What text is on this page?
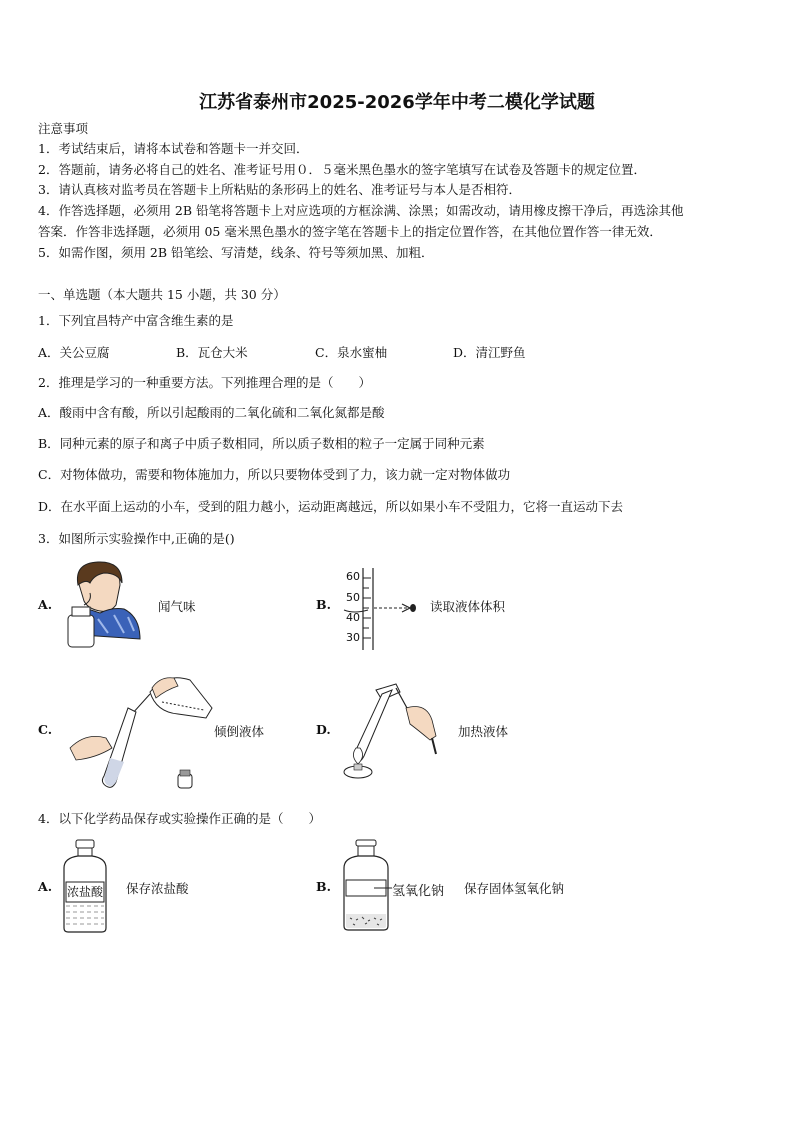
江苏省泰州市2025-2026学年中考二模化学试题
注意事项
1．考试结束后，请将本试卷和答题卡一并交回．
2．答题前，请务必将自己的姓名、准考证号用０．５毫米黑色墨水的签字笔填写在试卷及答题卡的规定位置．
3．请认真核对监考员在答题卡上所粘贴的条形码上的姓名、准考证号与本人是否相符．
4．作答选择题，必须用 2B 铅笔将答题卡上对应选项的方框涂满、涂黑；如需改动，请用橡皮擦干净后，再选涂其他
答案．作答非选择题，必须用 05 毫米黑色墨水的签字笔在答题卡上的指定位置作答，在其他位置作答一律无效．
5．如需作图，须用 2B 铅笔绘、写清楚，线条、符号等须加黑、加粗．
一、单选题（本大题共 15 小题，共 30 分）
1．下列宜昌特产中富含维生素的是
A．关公豆腐	B．瓦仓大米	C．泉水蜜柚	D．清江野鱼
2．推理是学习的一种重要方法。下列推理合理的是（　　）
A．酸雨中含有酸，所以引起酸雨的二氧化硫和二氧化氮都是酸
B．同种元素的原子和离子中质子数相同，所以质子数相的粒子一定属于同种元素
C．对物体做功，需要和物体施加力，所以只要物体受到了力，该力就一定对物体做功
D．在水平面上运动的小车，受到的阻力越小，运动距离越远，所以如果小车不受阻力，它将一直运动下去
3．如图所示实验操作中,正确的是()
A.	闻气味	B.
60
50
40
30
读取液体体积
C.	倾倒液体	D.	加热液体
4．以下化学药品保存或实验操作正确的是（　　）
A. 浓盐酸 保存浓盐酸	B.	氢氧化钠 保存固体氢氧化钠
